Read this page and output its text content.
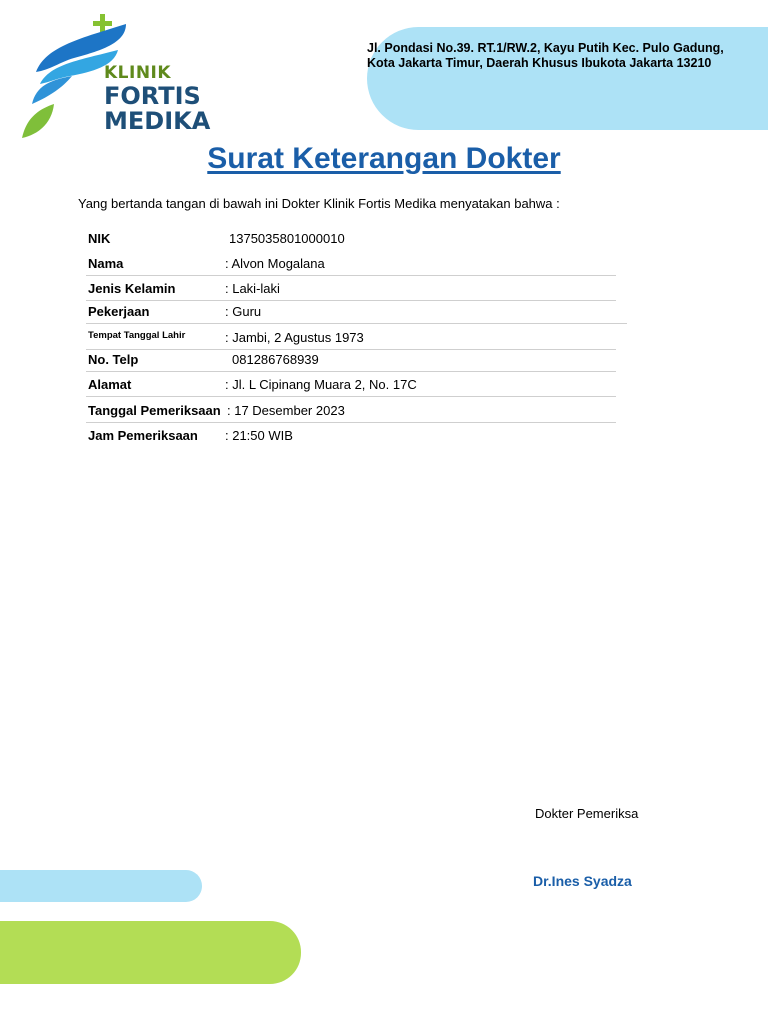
Jl. Pondasi No.39. RT.1/RW.2, Kayu Putih Kec. Pulo Gadung,
Kota Jakarta Timur, Daerah Khusus Ibukota Jakarta 13210
KLINIK
FORTIS
MEDIKA
Surat Keterangan Dokter
Yang bertanda tangan di bawah ini Dokter Klinik Fortis Medika menyatakan bahwa :
NIK	1375035801000010
Nama	: Alvon Mogalana
Jenis Kelamin	: Laki-laki
Pekerjaan	: Guru
Tempat Tanggal Lahir	: Jambi, 2 Agustus 1973
No. Telp	081286768939
Alamat	: Jl. L Cipinang Muara 2, No. 17C
Tanggal Pemeriksaan : 17 Desember 2023
Jam Pemeriksaan : 21:50 WIB
Dokter Pemeriksa
Dr.Ines Syadza
